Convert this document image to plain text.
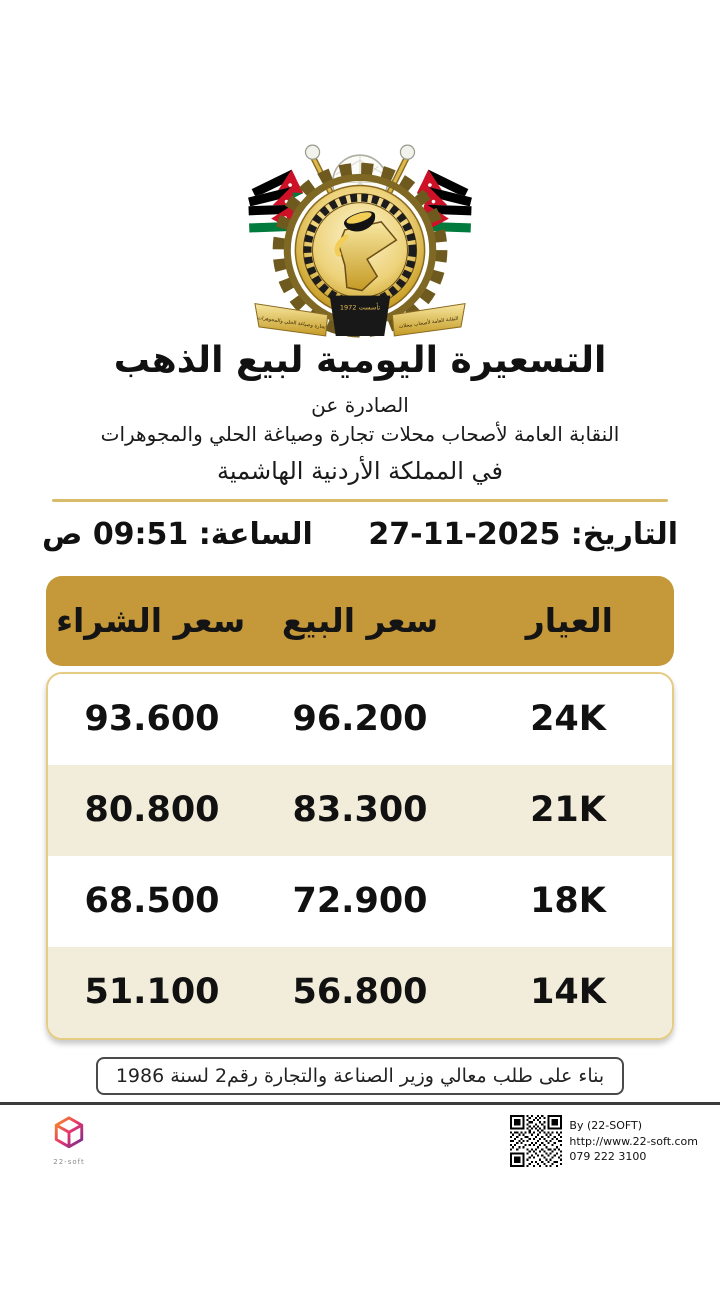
تأسست 1972
تجارة وصياغة الحلي والمجوهرات	النقابة العامة لأصحاب محلات
التسعيرة اليومية لبيع الذهب
الصادرة عن
النقابة العامة لأصحاب محلات تجارة وصياغة الحلي والمجوهرات
في المملكة الأردنية الهاشمية
التاريخ: 27-11-2025
الساعة: 09:51 ص
العيار
سعر البيع
سعر الشراء
24K
96.200
93.600
21K
83.300
80.800
18K
72.900
68.500
14K
56.800
51.100
بناء على طلب معالي وزير الصناعة والتجارة رقم2 لسنة 1986
22-soft
By (22-SOFT)
http://www.22-soft.com
079 222 3100
